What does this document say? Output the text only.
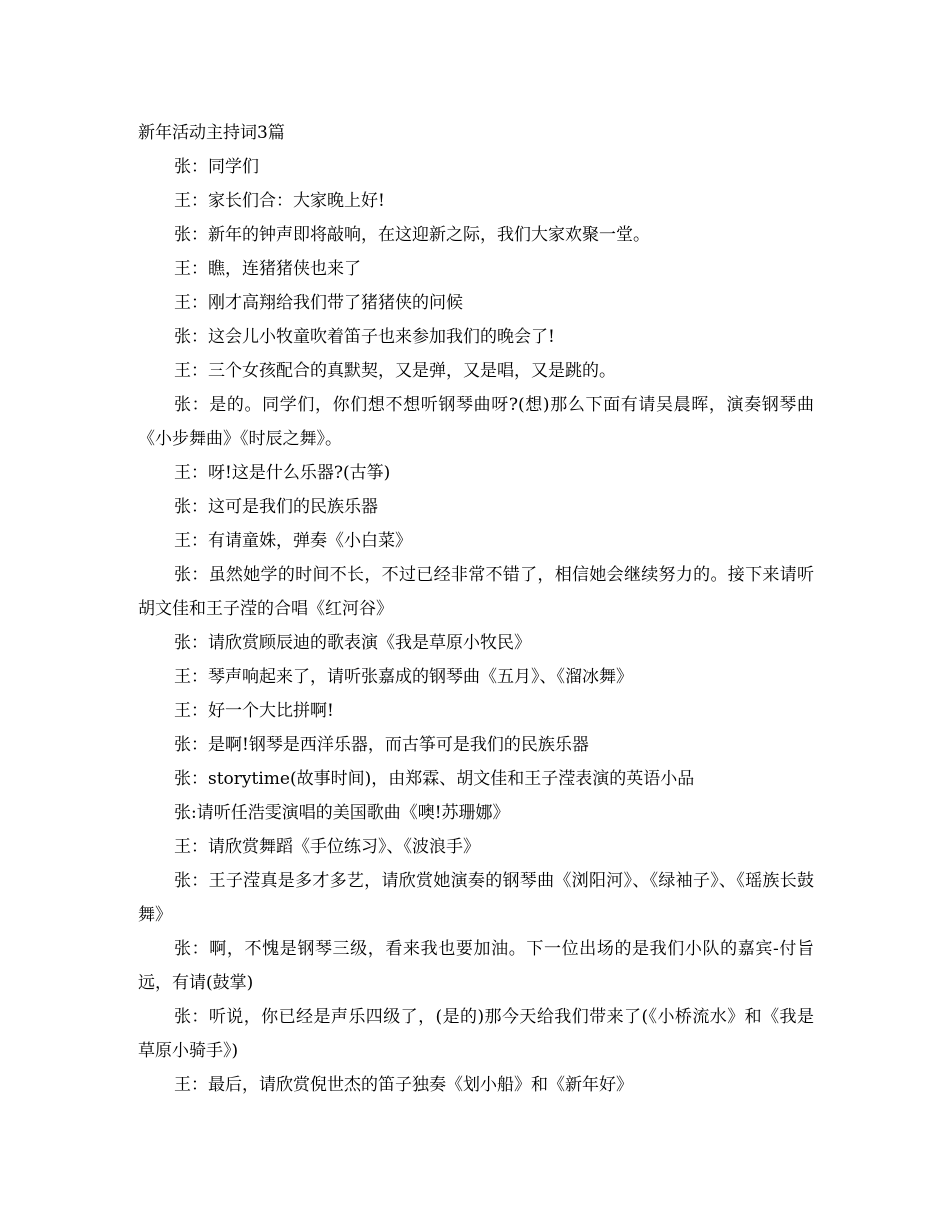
新年活动主持词3篇

张：同学们

王：家长们合：大家晚上好!

张：新年的钟声即将敲响，在这迎新之际，我们大家欢聚一堂。

王：瞧，连猪猪侠也来了

王：刚才高翔给我们带了猪猪侠的问候

张：这会儿小牧童吹着笛子也来参加我们的晚会了!

王：三个女孩配合的真默契，又是弹，又是唱，又是跳的。

张：是的。同学们，你们想不想听钢琴曲呀?(想)那么下面有请吴晨晖，演奏钢琴曲《小步舞曲》《时辰之舞》。

王：呀!这是什么乐器?(古筝)

张：这可是我们的民族乐器

王：有请童姝，弹奏《小白菜》

张：虽然她学的时间不长，不过已经非常不错了，相信她会继续努力的。接下来请听胡文佳和王子滢的合唱《红河谷》

张：请欣赏顾辰迪的歌表演《我是草原小牧民》

王：琴声响起来了，请听张嘉成的钢琴曲《五月》、《溜冰舞》

王：好一个大比拼啊!

张：是啊!钢琴是西洋乐器，而古筝可是我们的民族乐器

张：storytime(故事时间)，由郑霖、胡文佳和王子滢表演的英语小品

张:请听任浩雯演唱的美国歌曲《噢!苏珊娜》

王：请欣赏舞蹈《手位练习》、《波浪手》

张：王子滢真是多才多艺，请欣赏她演奏的钢琴曲《浏阳河》、《绿袖子》、《瑶族长鼓舞》

张：啊，不愧是钢琴三级，看来我也要加油。下一位出场的是我们小队的嘉宾-付旨远，有请(鼓掌)

张：听说，你已经是声乐四级了，(是的)那今天给我们带来了(《小桥流水》和《我是草原小骑手》)

王：最后，请欣赏倪世杰的笛子独奏《划小船》和《新年好》
